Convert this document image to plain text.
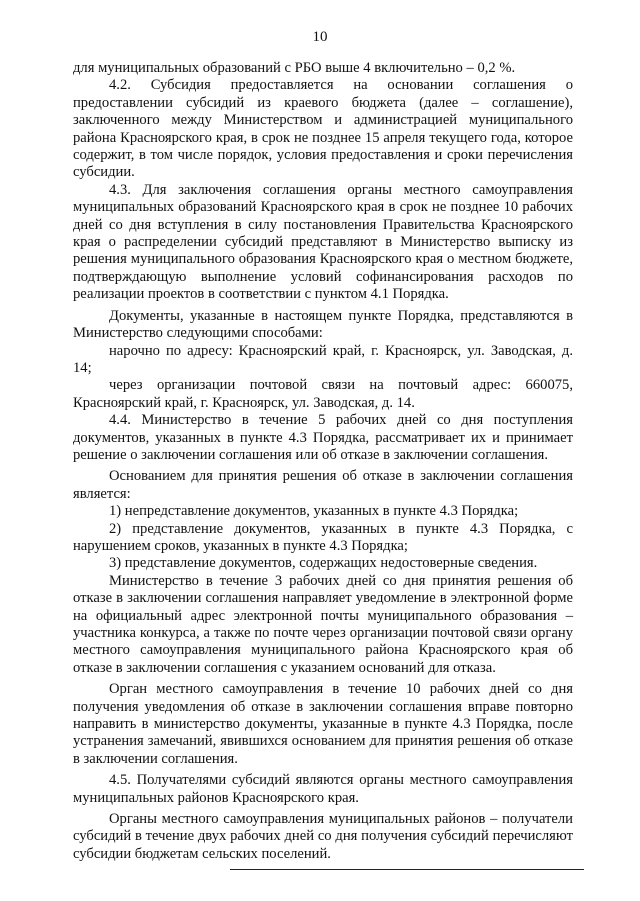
10

для муниципальных образований с РБО выше 4 включительно – 0,2 %.

4.2. Субсидия предоставляется на основании соглашения о предоставлении субсидий из краевого бюджета (далее – соглашение), заключенного между Министерством и администрацией муниципального района Красноярского края, в срок не позднее 15 апреля текущего года, которое содержит, в том числе порядок, условия предоставления и сроки перечисления субсидии.

4.3. Для заключения соглашения органы местного самоуправления муниципальных образований Красноярского края в срок не позднее 10 рабочих дней со дня вступления в силу постановления Правительства Красноярского края о распределении субсидий представляют в Министерство выписку из решения муниципального образования Красноярского края о местном бюджете, подтверждающую выполнение условий софинансирования расходов по реализации проектов в соответствии с пунктом 4.1 Порядка.

Документы, указанные в настоящем пункте Порядка, представляются в Министерство следующими способами:

нарочно по адресу: Красноярский край, г. Красноярск, ул. Заводская, д. 14;

через организации почтовой связи на почтовый адрес: 660075, Красноярский край, г. Красноярск, ул. Заводская, д. 14.

4.4. Министерство в течение 5 рабочих дней со дня поступления документов, указанных в пункте 4.3 Порядка, рассматривает их и принимает решение о заключении соглашения или об отказе в заключении соглашения.

Основанием для принятия решения об отказе в заключении соглашения является:

1) непредставление документов, указанных в пункте 4.3 Порядка;

2) представление документов, указанных в пункте 4.3 Порядка, с нарушением сроков, указанных в пункте 4.3 Порядка;

3) представление документов, содержащих недостоверные сведения.

Министерство в течение 3 рабочих дней со дня принятия решения об отказе в заключении соглашения направляет уведомление в электронной форме на официальный адрес электронной почты муниципального образования – участника конкурса, а также по почте через организации почтовой связи органу местного самоуправления муниципального района Красноярского края об отказе в заключении соглашения с указанием оснований для отказа.

Орган местного самоуправления в течение 10 рабочих дней со дня получения уведомления об отказе в заключении соглашения вправе повторно направить в министерство документы, указанные в пункте 4.3 Порядка, после устранения замечаний, явившихся основанием для принятия решения об отказе в заключении соглашения.

4.5. Получателями субсидий являются органы местного самоуправления муниципальных районов Красноярского края.

Органы местного самоуправления муниципальных районов – получатели субсидий в течение двух рабочих дней со дня получения субсидий перечисляют субсидии бюджетам сельских поселений.
